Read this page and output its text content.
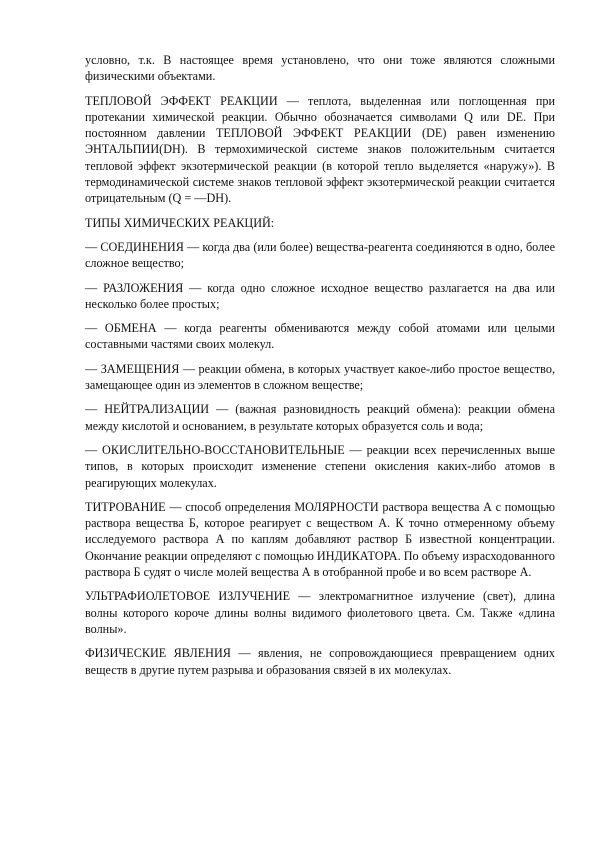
условно, т.к. В настоящее время установлено, что они тоже являются сложными физическими объектами.

ТЕПЛОВОЙ ЭФФЕКТ РЕАКЦИИ — теплота, выделенная или поглощенная при протекании химической реакции. Обычно обозначается символами Q или DE. При постоянном давлении ТЕПЛОВОЙ ЭФФЕКТ РЕАКЦИИ (DE) равен изменению ЭНТАЛЬПИИ(DH). В термохимической системе знаков положительным считается тепловой эффект экзотермической реакции (в которой тепло выделяется «наружу»). В термодинамической системе знаков тепловой эффект экзотермической реакции считается отрицательным (Q = —DH).

ТИПЫ ХИМИЧЕСКИХ РЕАКЦИЙ:

— СОЕДИНЕНИЯ — когда два (или более) вещества-реагента соединяются в одно, более сложное вещество;

— РАЗЛОЖЕНИЯ — когда одно сложное исходное вещество разлагается на два или несколько более простых;

— ОБМЕНА — когда реагенты обмениваются между собой атомами или целыми составными частями своих молекул.

— ЗАМЕЩЕНИЯ — реакции обмена, в которых участвует какое-либо простое вещество, замещающее один из элементов в сложном веществе;

— НЕЙТРАЛИЗАЦИИ — (важная разновидность реакций обмена): реакции обмена между кислотой и основанием, в результате которых образуется соль и вода;

— ОКИСЛИТЕЛЬНО-ВОССТАНОВИТЕЛЬНЫЕ — реакции всех перечисленных выше типов, в которых происходит изменение степени окисления каких-либо атомов в реагирующих молекулах.

ТИТРОВАНИЕ — способ определения МОЛЯРНОСТИ раствора вещества А с помощью раствора вещества Б, которое реагирует с веществом А. К точно отмеренному объему исследуемого раствора А по каплям добавляют раствор Б известной концентрации. Окончание реакции определяют с помощью ИНДИКАТОРА. По объему израсходованного раствора Б судят о числе молей вещества А в отобранной пробе и во всем растворе А.

УЛЬТРАФИОЛЕТОВОЕ ИЗЛУЧЕНИЕ — электромагнитное излучение (свет), длина волны которого короче длины волны видимого фиолетового цвета. См. Также «длина волны».

ФИЗИЧЕСКИЕ ЯВЛЕНИЯ — явления, не сопровождающиеся превращением одних веществ в другие путем разрыва и образования связей в их молекулах.
